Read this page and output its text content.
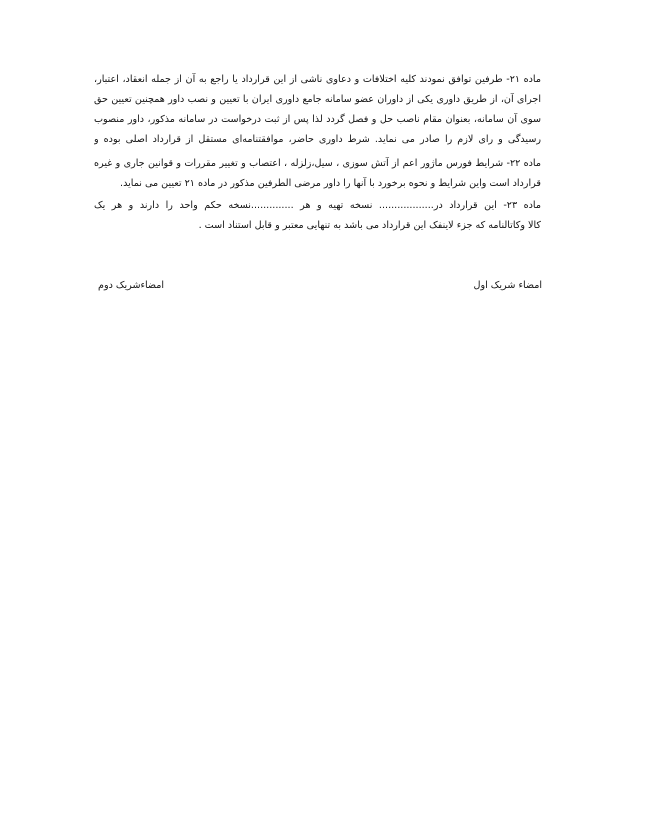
ماده ۲۱- طرفین توافق نمودند کلیه اختلافات و دعاوی ناشی از این قرارداد یا راجع به آن از جمله انعقاد، اعتبار،
اجرای آن، از طریق داوری یکی از داوران عضو سامانه جامع داوری ایران با تعیین و نصب داور همچنین تعیین حق
سوی آن سامانه، بعنوان مقام ناصب حل و فصل گردد لذا پس از ثبت درخواست در سامانه مذکور، داور منصوب
رسیدگی و رای لازم را صادر می نماید. شرط داوری حاضر، موافقتنامه‌ای مستقل از قرارداد اصلی بوده و
ماده ۲۲- شرایط فورس ماژور اعم از آتش سوزی ، سیل،زلزله ، اعتصاب و تغییر مقررات و قوانین جاری و غیره
قرارداد است واین شرایط و نحوه برخورد با آنها را داور مرضی الطرفین مذکور در ماده ۲۱ تعیین می نماید.
ماده ۲۳- این قرارداد در.................. نسخه تهیه و هر ..............نسخه حکم واحد را دارند و هر یک
کالا وکاتالنامه که جزء لاینفک این قرارداد می باشد به تنهایی معتبر و قابل استناد است .
امضاء شریک اول
امضاءشریک دوم
